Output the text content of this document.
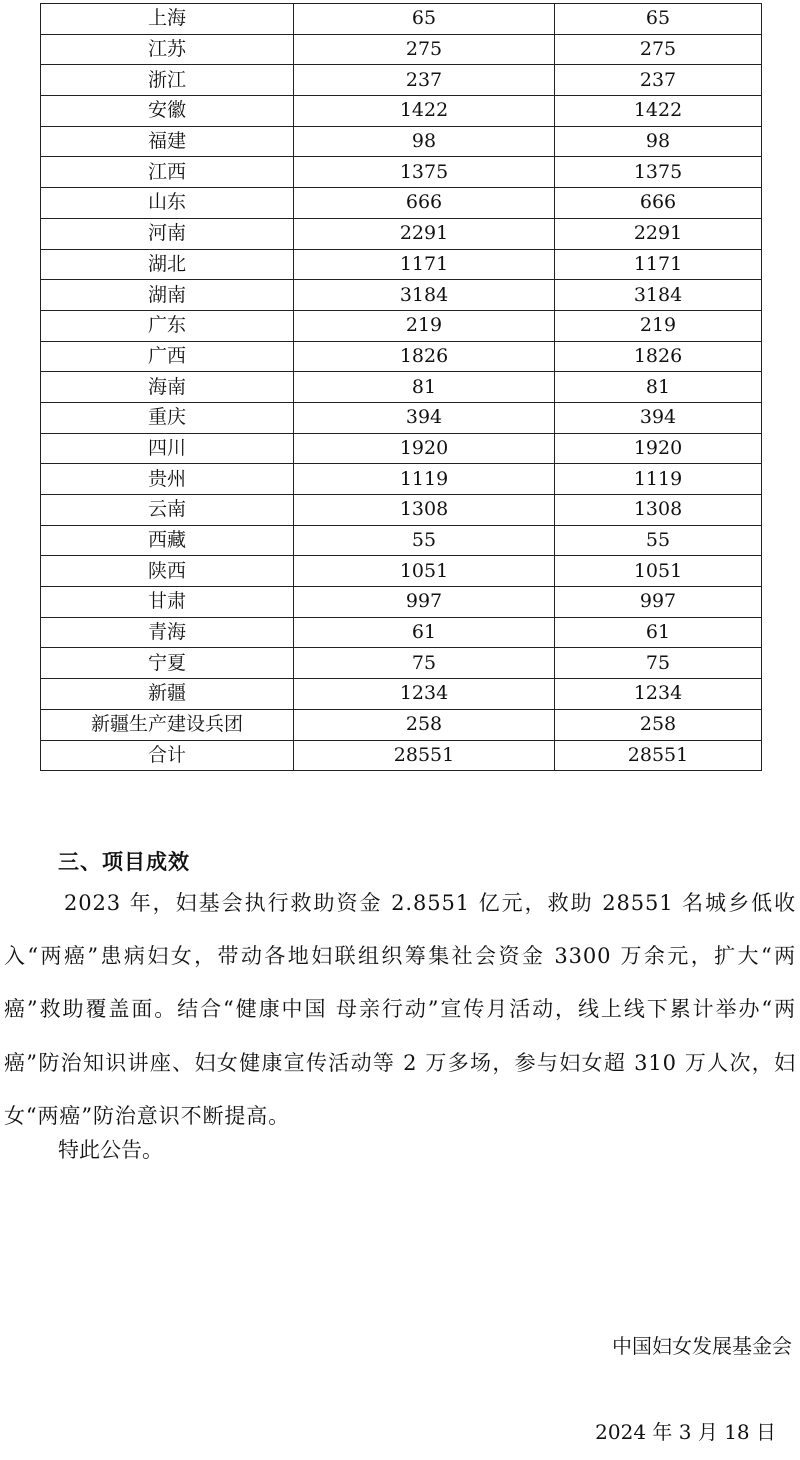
上海	65	65
江苏	275	275
浙江	237	237
安徽	1422	1422
福建	98	98
江西	1375	1375
山东	666	666
河南	2291	2291
湖北	1171	1171
湖南	3184	3184
广东	219	219
广西	1826	1826
海南	81	81
重庆	394	394
四川	1920	1920
贵州	1119	1119
云南	1308	1308
西藏	55	55
陕西	1051	1051
甘肃	997	997
青海	61	61
宁夏	75	75
新疆	1234	1234
新疆生产建设兵团	258	258
合计	28551	28551
三、项目成效

2023 年，妇基会执行救助资金 2.8551 亿元，救助 28551 名城乡低收入“两癌”患病妇女，带动各地妇联组织筹集社会资金 3300 万余元，扩大“两癌”救助覆盖面。结合“健康中国 母亲行动”宣传月活动，线上线下累计举办“两癌”防治知识讲座、妇女健康宣传活动等 2 万多场，参与妇女超 310 万人次，妇女“两癌”防治意识不断提高。

特此公告。

中国妇女发展基金会

2024 年 3 月 18 日
